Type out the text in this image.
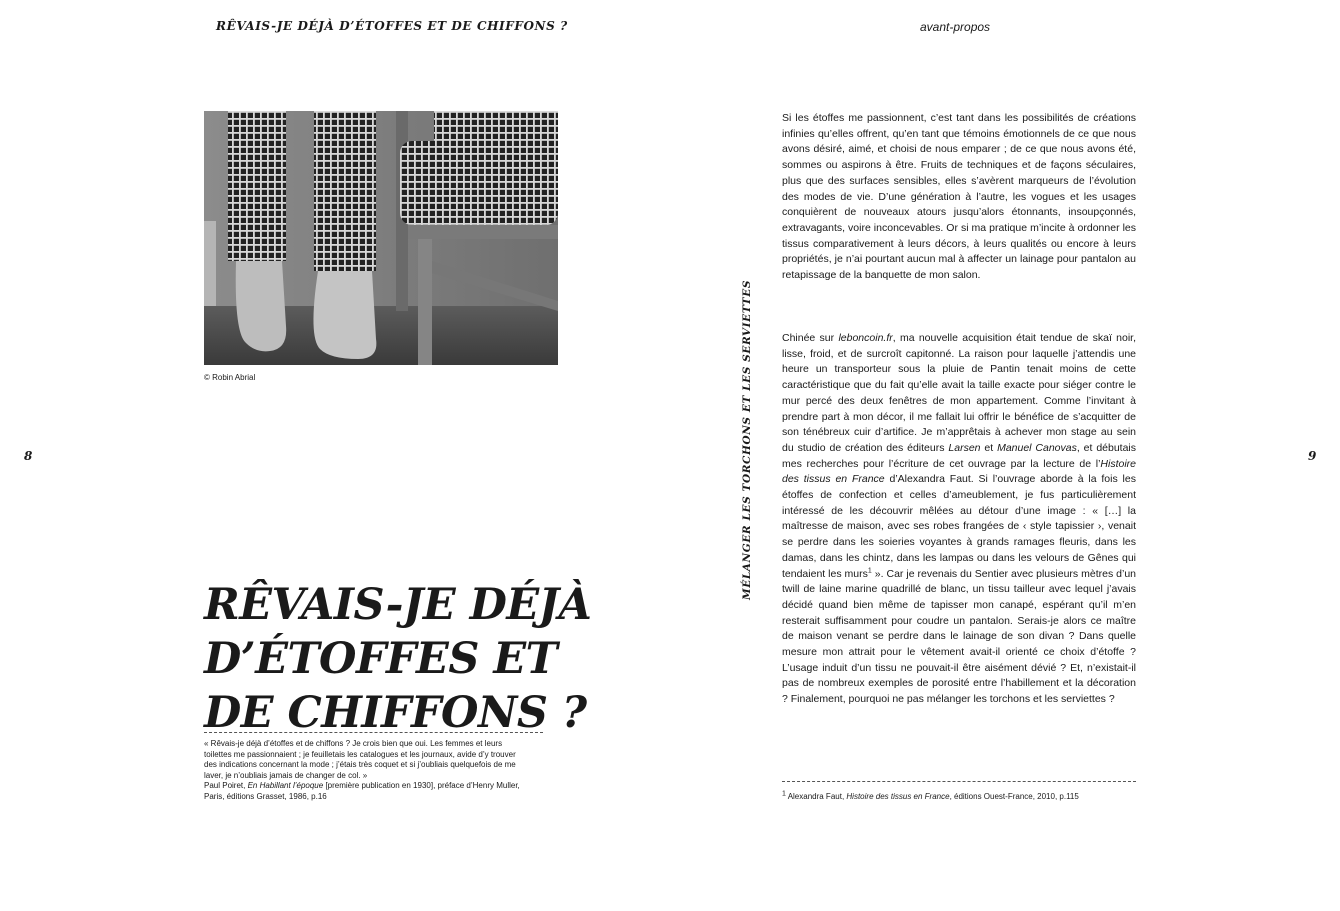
RÊVAIS-JE DÉJÀ D’ÉTOFFES ET DE CHIFFONS ?	avant-propos
8	9
© Robin Abrial
RÊVAIS-JE DÉJÀ
D’ÉTOFFES ET
DE CHIFFONS ?
« Rêvais-je déjà d’étoffes et de chiffons ? Je crois bien que oui. Les femmes et leurs toilettes me passionnaient ; je feuilletais les catalogues et les journaux, avide d’y trouver des indications concernant la mode ; j’étais très coquet et si j’oubliais quelquefois de me laver, je n’oubliais jamais de changer de col. »
Paul Poiret, En Habillant l’époque [première publication en 1930], préface d’Henry Muller, Paris, éditions Grasset, 1986, p.16
MÉLANGER LES TORCHONS ET LES SERVIETTES

Si les étoffes me passionnent, c’est tant dans les possibilités de créations infinies qu’elles offrent, qu’en tant que témoins émotionnels de ce que nous avons désiré, aimé, et choisi de nous emparer ; de ce que nous avons été, sommes ou aspirons à être. Fruits de techniques et de façons séculaires, plus que des surfaces sensibles, elles s’avèrent marqueurs de l’évolution des modes de vie. D’une génération à l’autre, les vogues et les usages conquièrent de nouveaux atours jusqu’alors étonnants, insoupçonnés, extravagants, voire inconcevables. Or si ma pratique m’incite à ordonner les tissus comparativement à leurs décors, à leurs qualités ou encore à leurs propriétés, je n’ai pourtant aucun mal à affecter un lainage pour pantalon au retapissage de la banquette de mon salon.

Chinée sur leboncoin.fr, ma nouvelle acquisition était tendue de skaï noir, lisse, froid, et de surcroît capitonné. La raison pour laquelle j’attendis une heure un transporteur sous la pluie de Pantin tenait moins de cette caractéristique que du fait qu’elle avait la taille exacte pour siéger contre le mur percé des deux fenêtres de mon appartement. Comme l’invitant à prendre part à mon décor, il me fallait lui offrir le bénéfice de s’acquitter de son ténébreux cuir d’artifice. Je m’apprêtais à achever mon stage au sein du studio de création des éditeurs Larsen et Manuel Canovas, et débutais mes recherches pour l’écriture de cet ouvrage par la lecture de l’Histoire des tissus en France d’Alexandra Faut. Si l’ouvrage aborde à la fois les étoffes de confection et celles d’ameublement, je fus particulièrement intéressé de les découvrir mêlées au détour d’une image : « […] la maîtresse de maison, avec ses robes frangées de ‹ style tapissier ›, venait se perdre dans les soieries voyantes à grands ramages fleuris, dans les damas, dans les chintz, dans les lampas ou dans les velours de Gênes qui tendaient les murs$^1$ ». Car je revenais du Sentier avec plusieurs mètres d’un twill de laine marine quadrillé de blanc, un tissu tailleur avec lequel j’avais décidé quand bien même de tapisser mon canapé, espérant qu’il m’en resterait suffisamment pour coudre un pantalon. Serais-je alors ce maître de maison venant se perdre dans le lainage de son divan ? Dans quelle mesure mon attrait pour le vêtement avait-il orienté ce choix d’étoffe ? L’usage induit d’un tissu ne pouvait-il être aisément dévié ? Et, n’existait-il pas de nombreux exemples de porosité entre l’habillement et la décoration ? Finalement, pourquoi ne pas mélanger les torchons et les serviettes ?

$^1$ Alexandra Faut, Histoire des tissus en France, éditions Ouest-France, 2010, p.115
